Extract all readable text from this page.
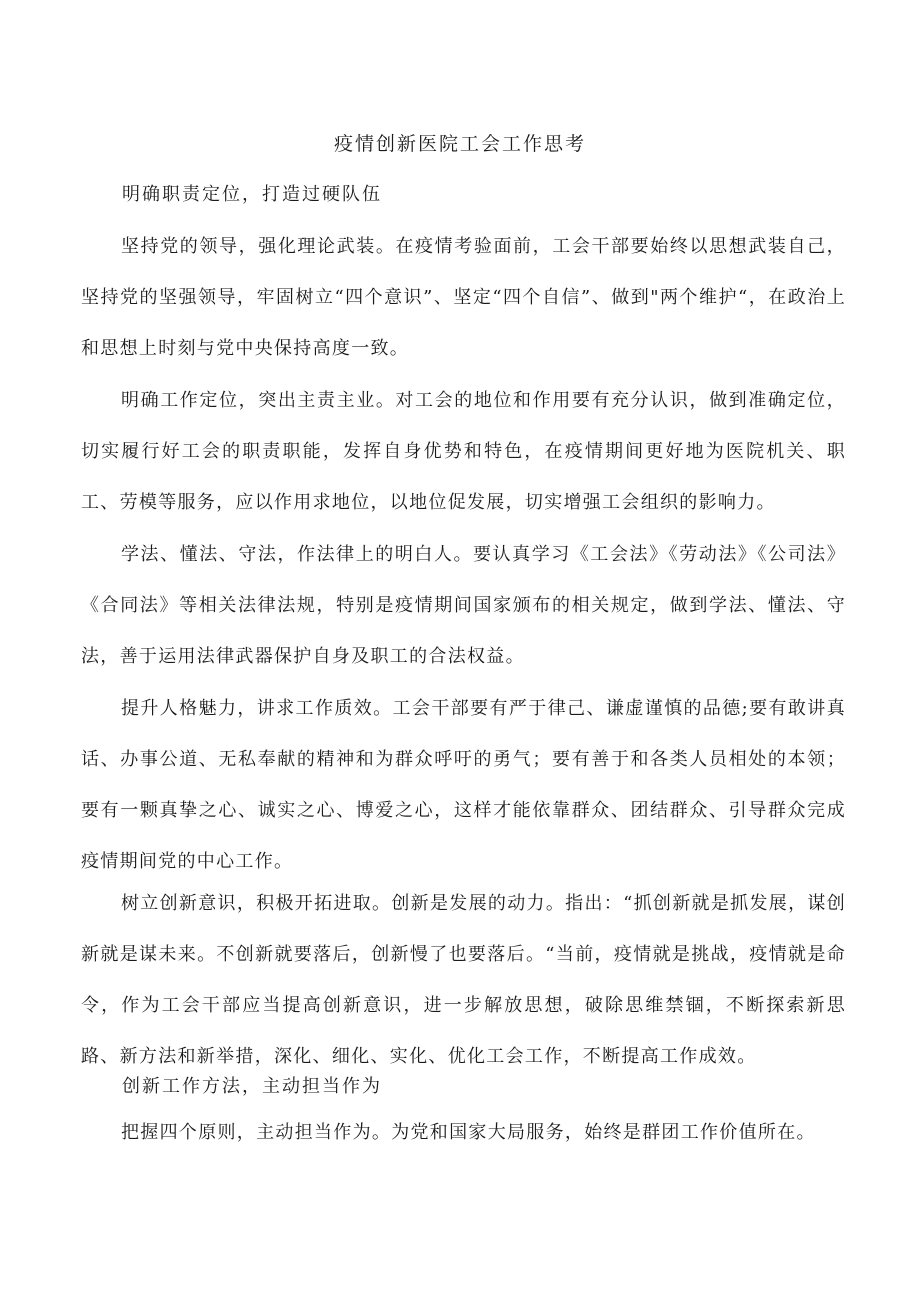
疫情创新医院工会工作思考
明确职责定位，打造过硬队伍

坚持党的领导，强化理论武装。在疫情考验面前，工会干部要始终以思想武装自己，坚持党的坚强领导，牢固树立“四个意识”、坚定“四个自信”、做到"两个维护“，在政治上和思想上时刻与党中央保持高度一致。

明确工作定位，突出主责主业。对工会的地位和作用要有充分认识，做到准确定位，切实履行好工会的职责职能，发挥自身优势和特色，在疫情期间更好地为医院机关、职工、劳模等服务，应以作用求地位，以地位促发展，切实增强工会组织的影响力。

学法、懂法、守法，作法律上的明白人。要认真学习《工会法》《劳动法》《公司法》《合同法》等相关法律法规，特别是疫情期间国家颁布的相关规定，做到学法、懂法、守法，善于运用法律武器保护自身及职工的合法权益。

提升人格魅力，讲求工作质效。工会干部要有严于律己、谦虚谨慎的品德;要有敢讲真话、办事公道、无私奉献的精神和为群众呼吁的勇气；要有善于和各类人员相处的本领；要有一颗真挚之心、诚实之心、博爱之心，这样才能依靠群众、团结群众、引导群众完成疫情期间党的中心工作。

树立创新意识，积极开拓进取。创新是发展的动力。指出：“抓创新就是抓发展，谋创新就是谋未来。不创新就要落后，创新慢了也要落后。“当前，疫情就是挑战，疫情就是命令，作为工会干部应当提高创新意识，进一步解放思想，破除思维禁锢，不断探索新思路、新方法和新举措，深化、细化、实化、优化工会工作，不断提高工作成效。

创新工作方法，主动担当作为

把握四个原则，主动担当作为。为党和国家大局服务，始终是群团工作价值所在。
